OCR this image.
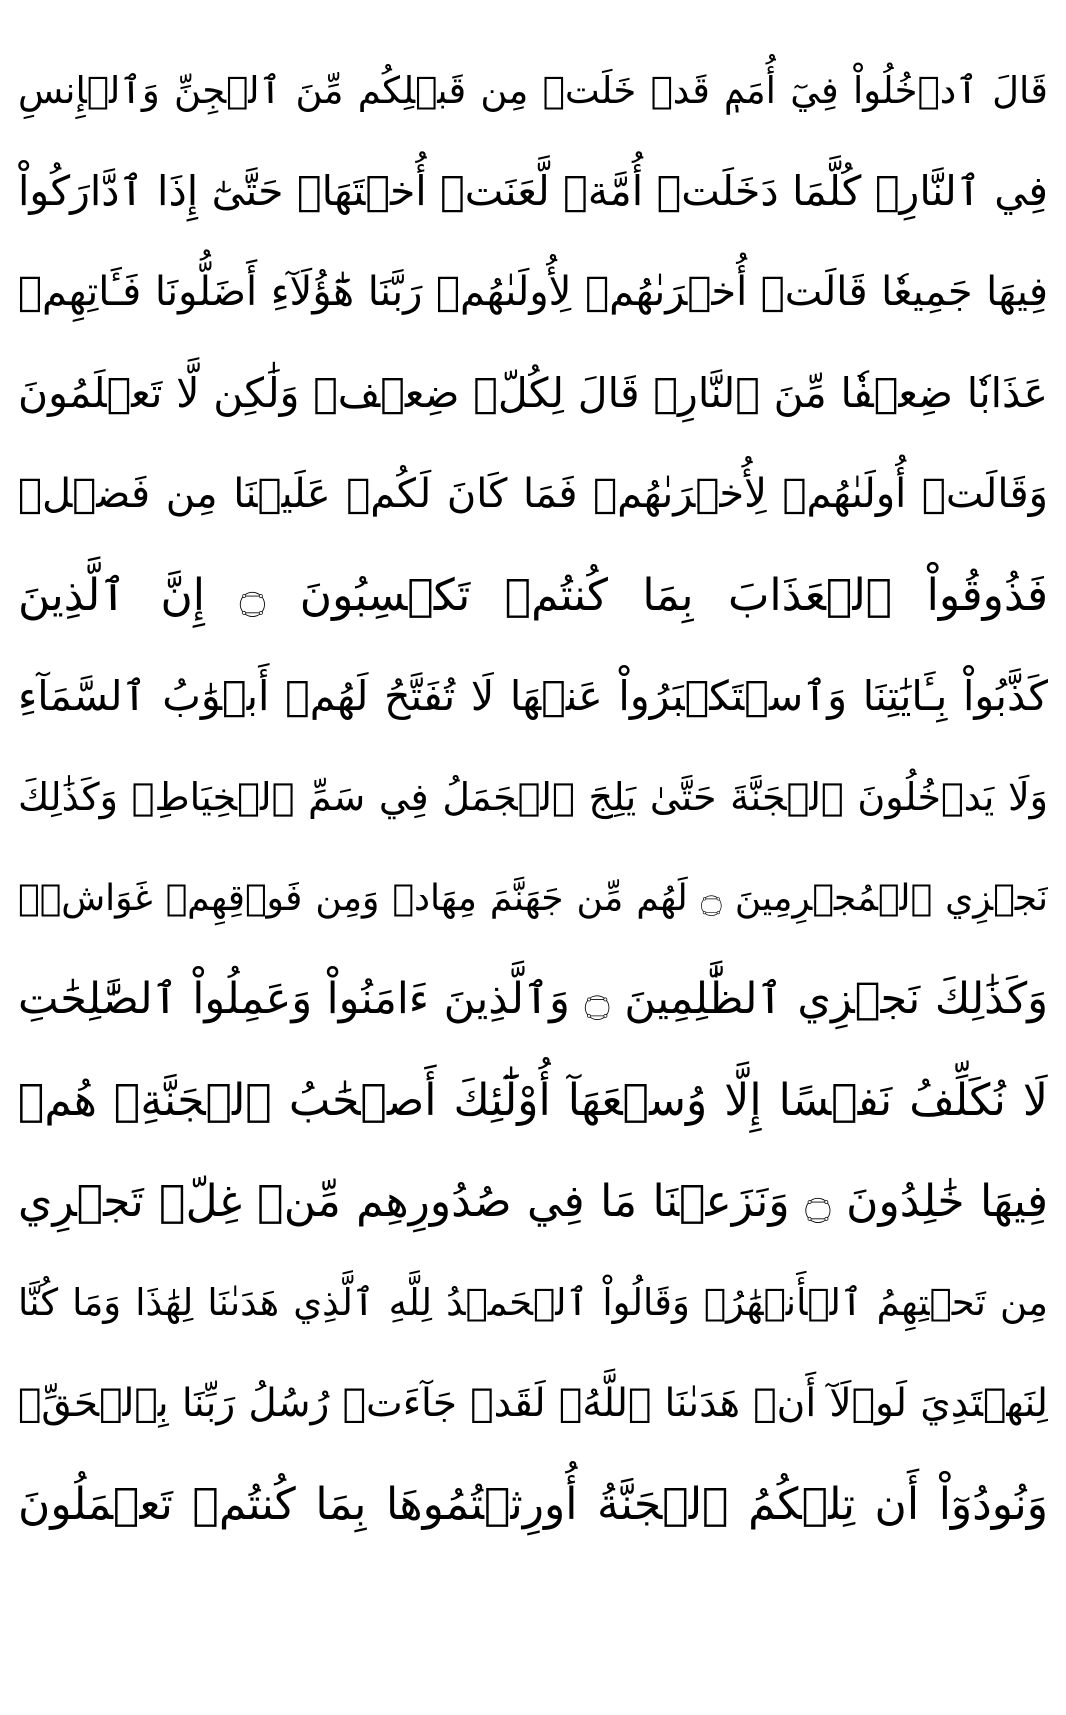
قَالَ ٱدۡخُلُواْ فِيٓ أُمَمٖ قَدۡ خَلَتۡ مِن قَبۡلِكُم مِّنَ ٱلۡجِنِّ وَٱلۡإِنسِ
فِي ٱلنَّارِۖ كُلَّمَا دَخَلَتۡ أُمَّةٞ لَّعَنَتۡ أُخۡتَهَاۖ حَتَّىٰٓ إِذَا ٱدَّارَكُواْ
فِيهَا جَمِيعٗا قَالَتۡ أُخۡرَىٰهُمۡ لِأُولَىٰهُمۡ رَبَّنَا هَٰٓؤُلَآءِ أَضَلُّونَا فَـَٔاتِهِمۡ
عَذَابٗا ضِعۡفٗا مِّنَ ٱلنَّارِۖ قَالَ لِكُلّٖ ضِعۡفٞ وَلَٰكِن لَّا تَعۡلَمُونَ
وَقَالَتۡ أُولَىٰهُمۡ لِأُخۡرَىٰهُمۡ فَمَا كَانَ لَكُمۡ عَلَيۡنَا مِن فَضۡلٖ
فَذُوقُواْ ٱلۡعَذَابَ بِمَا كُنتُمۡ تَكۡسِبُونَ ۝ إِنَّ ٱلَّذِينَ
كَذَّبُواْ بِـَٔايَٰتِنَا وَٱسۡتَكۡبَرُواْ عَنۡهَا لَا تُفَتَّحُ لَهُمۡ أَبۡوَٰبُ ٱلسَّمَآءِ
وَلَا يَدۡخُلُونَ ٱلۡجَنَّةَ حَتَّىٰ يَلِجَ ٱلۡجَمَلُ فِي سَمِّ ٱلۡخِيَاطِۚ وَكَذَٰلِكَ
نَجۡزِي ٱلۡمُجۡرِمِينَ ۝ لَهُم مِّن جَهَنَّمَ مِهَادٞ وَمِن فَوۡقِهِمۡ غَوَاشٖۚ
وَكَذَٰلِكَ نَجۡزِي ٱلظَّٰلِمِينَ ۝ وَٱلَّذِينَ ءَامَنُواْ وَعَمِلُواْ ٱلصَّٰلِحَٰتِ
لَا نُكَلِّفُ نَفۡسًا إِلَّا وُسۡعَهَآ أُوْلَٰٓئِكَ أَصۡحَٰبُ ٱلۡجَنَّةِۖ هُمۡ
فِيهَا خَٰلِدُونَ ۝ وَنَزَعۡنَا مَا فِي صُدُورِهِم مِّنۡ غِلّٖ تَجۡرِي
مِن تَحۡتِهِمُ ٱلۡأَنۡهَٰرُۖ وَقَالُواْ ٱلۡحَمۡدُ لِلَّهِ ٱلَّذِي هَدَىٰنَا لِهَٰذَا وَمَا كُنَّا
لِنَهۡتَدِيَ لَوۡلَآ أَنۡ هَدَىٰنَا ٱللَّهُۖ لَقَدۡ جَآءَتۡ رُسُلُ رَبِّنَا بِٱلۡحَقِّۖ
وَنُودُوٓاْ أَن تِلۡكُمُ ٱلۡجَنَّةُ أُورِثۡتُمُوهَا بِمَا كُنتُمۡ تَعۡمَلُونَ
